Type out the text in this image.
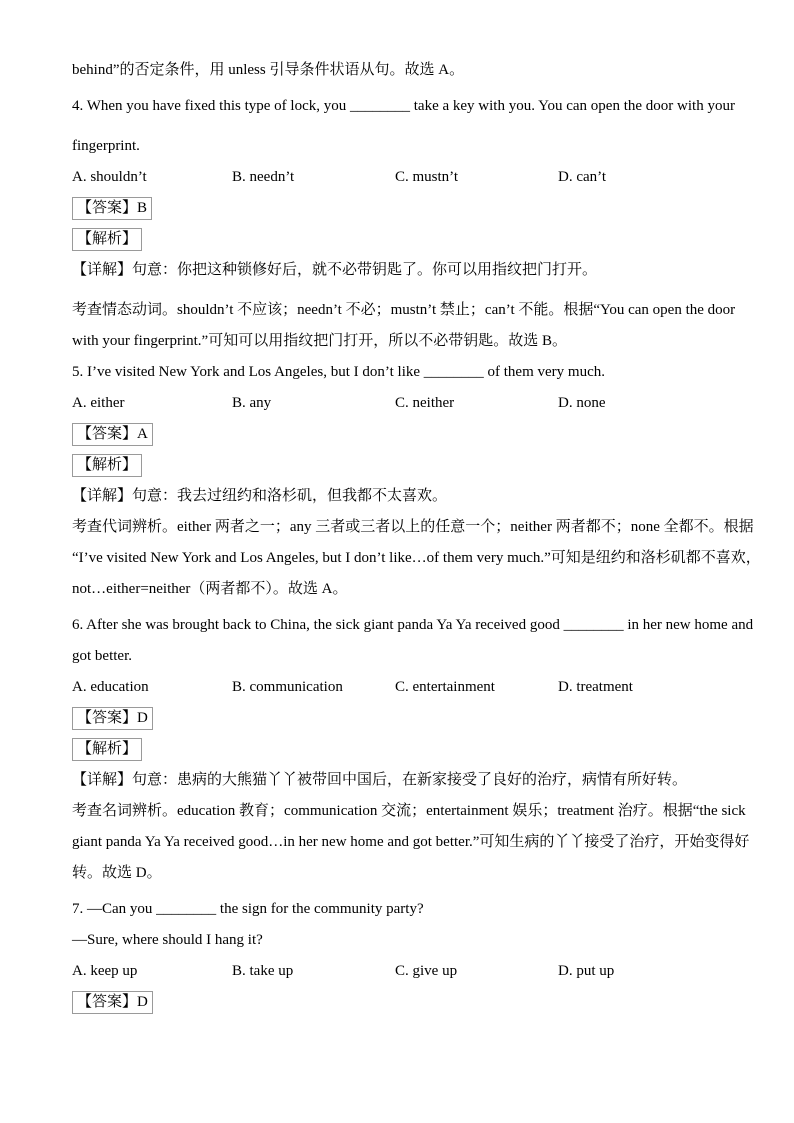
behind”的否定条件，用 unless 引导条件状语从句。故选 A。
4. When you have fixed this type of lock, you ________ take a key with you. You can open the door with your
fingerprint.
A. shouldn’t	B. needn’t	C. mustn’t	D. can’t
【答案】B
【解析】
【详解】句意：你把这种锁修好后，就不必带钥匙了。你可以用指纹把门打开。
考查情态动词。shouldn’t 不应该；needn’t 不必；mustn’t 禁止；can’t 不能。根据“You can open the door
with your fingerprint.”可知可以用指纹把门打开，所以不必带钥匙。故选 B。
5. I’ve visited New York and Los Angeles, but I don’t like ________ of them very much.
A. either	B. any	C. neither	D. none
【答案】A
【解析】
【详解】句意：我去过纽约和洛杉矶，但我都不太喜欢。
考查代词辨析。either 两者之一；any 三者或三者以上的任意一个；neither 两者都不；none 全都不。根据
“I’ve visited New York and Los Angeles, but I don’t like…of them very much.”可知是纽约和洛杉矶都不喜欢，
not…either=neither（两者都不）。故选 A。
6. After she was brought back to China, the sick giant panda Ya Ya received good ________ in her new home and
got better.
A. education	B. communication	C. entertainment	D. treatment
【答案】D
【解析】
【详解】句意：患病的大熊猫丫丫被带回中国后，在新家接受了良好的治疗，病情有所好转。
考查名词辨析。education 教育；communication 交流；entertainment 娱乐；treatment 治疗。根据“the sick
giant panda Ya Ya received good…in her new home and got better.”可知生病的丫丫接受了治疗，开始变得好
转。故选 D。
7. —Can you ________ the sign for the community party?
—Sure, where should I hang it?
A. keep up	B. take up	C. give up	D. put up
【答案】D
